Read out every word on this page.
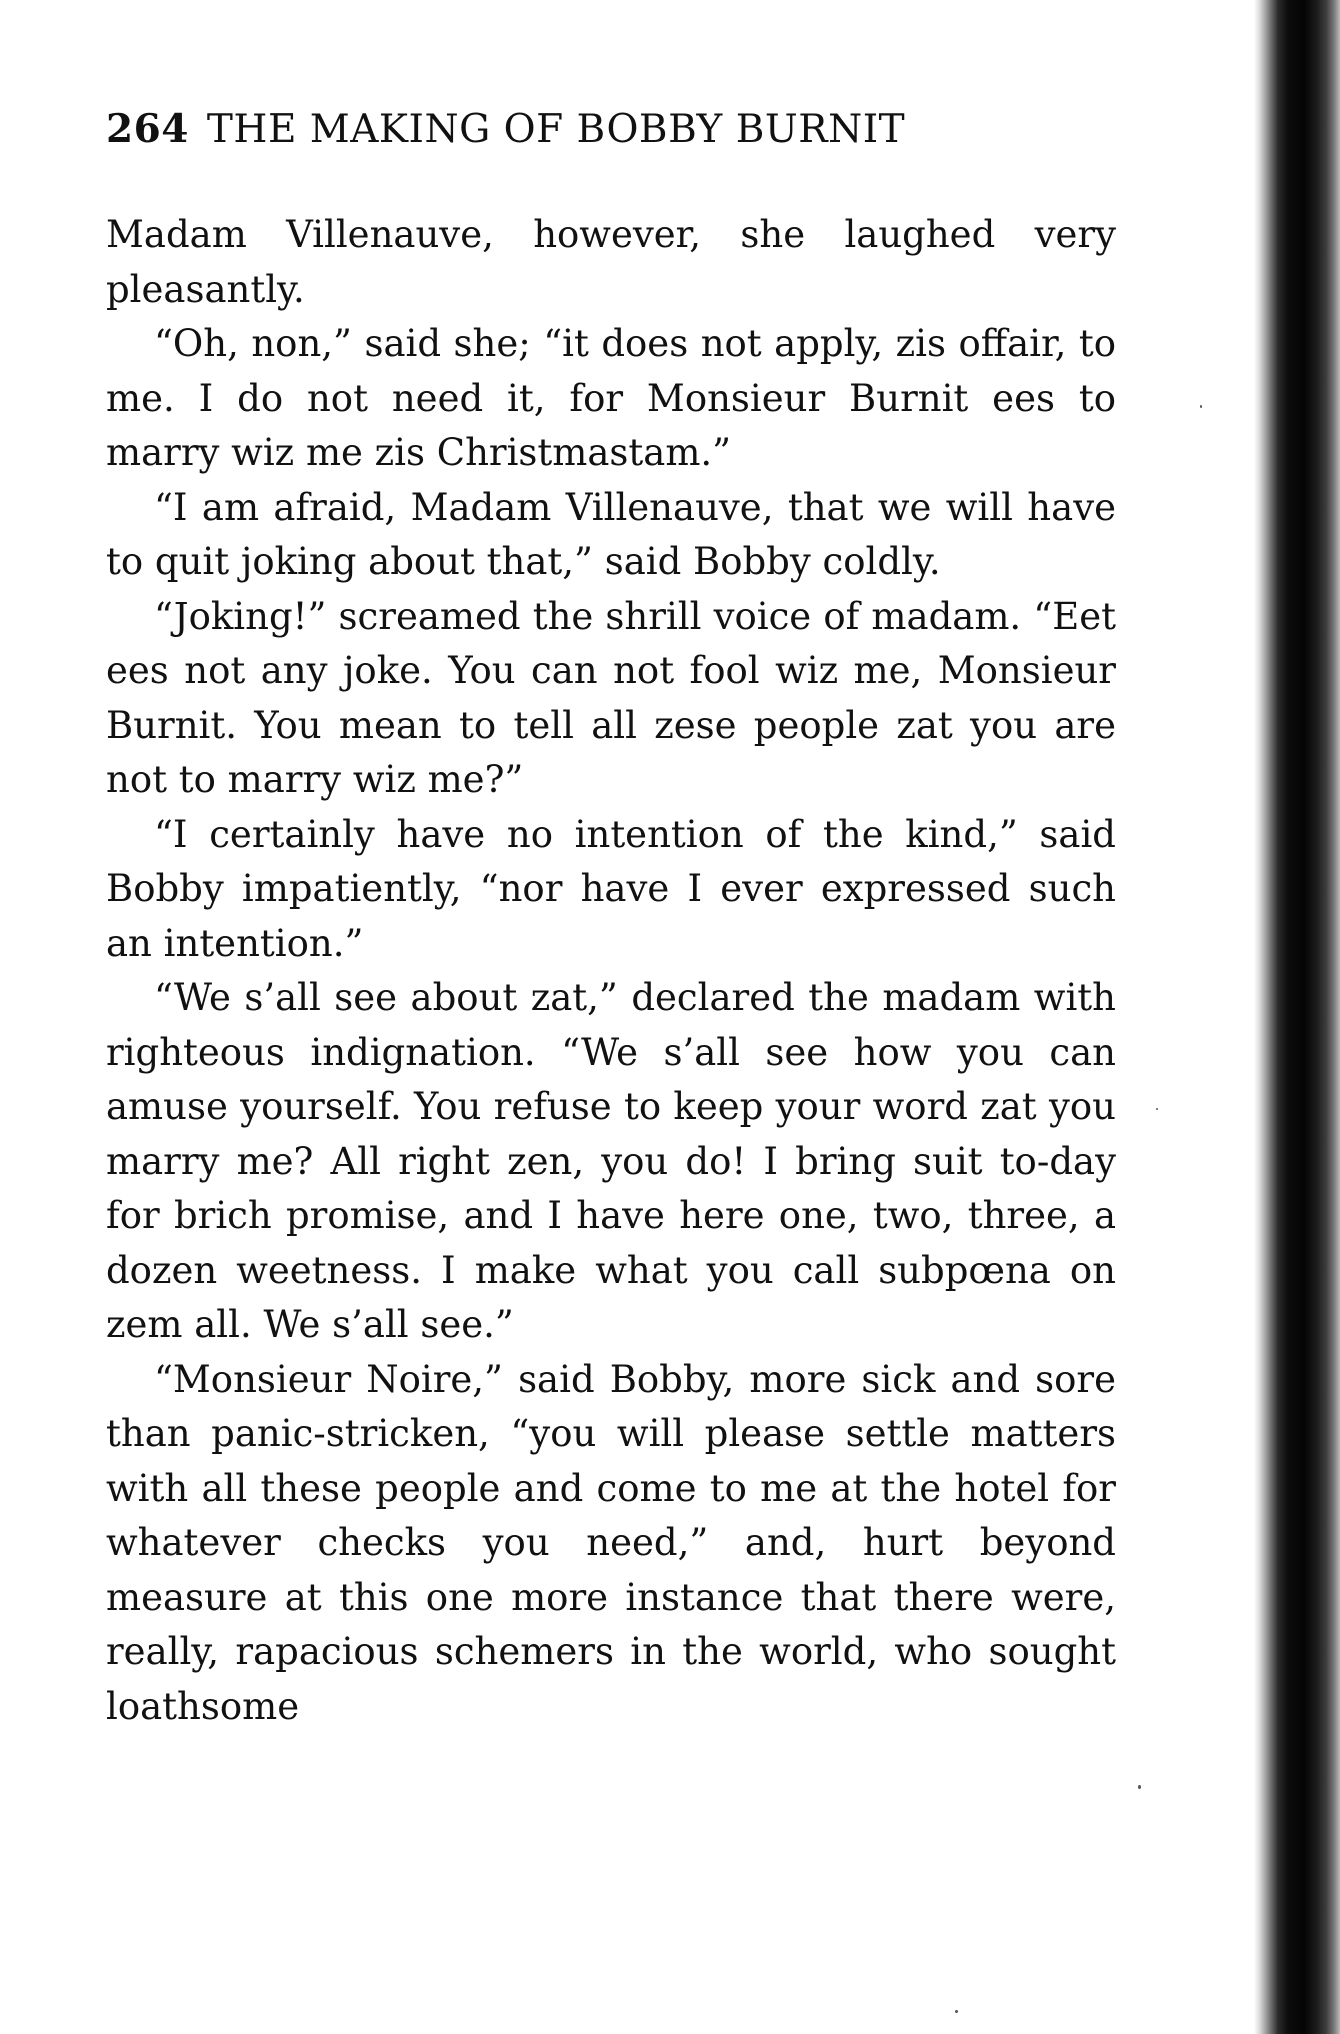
264 THE MAKING OF BOBBY BURNIT

Madam Villenauve, however, she laughed very pleasantly.

“Oh, non,” said she; “it does not apply, zis offair, to me. I do not need it, for Monsieur Burnit ees to marry wiz me zis Christmastam.”

“I am afraid, Madam Villenauve, that we will have to quit joking about that,” said Bobby coldly.

“Joking!” screamed the shrill voice of madam. “Eet ees not any joke. You can not fool wiz me, Monsieur Burnit. You mean to tell all zese people zat you are not to marry wiz me?”

“I certainly have no intention of the kind,” said Bobby impatiently, “nor have I ever expressed such an intention.”

“We s’all see about zat,” declared the madam with righteous indignation. “We s’all see how you can amuse yourself. You refuse to keep your word zat you marry me? All right zen, you do! I bring suit to-day for brich promise, and I have here one, two, three, a dozen weetness. I make what you call subpœna on zem all. We s’all see.”

“Monsieur Noire,” said Bobby, more sick and sore than panic-stricken, “you will please settle matters with all these people and come to me at the hotel for whatever checks you need,” and, hurt beyond measure at this one more instance that there were, really, rapacious schemers in the world, who sought loathsome
